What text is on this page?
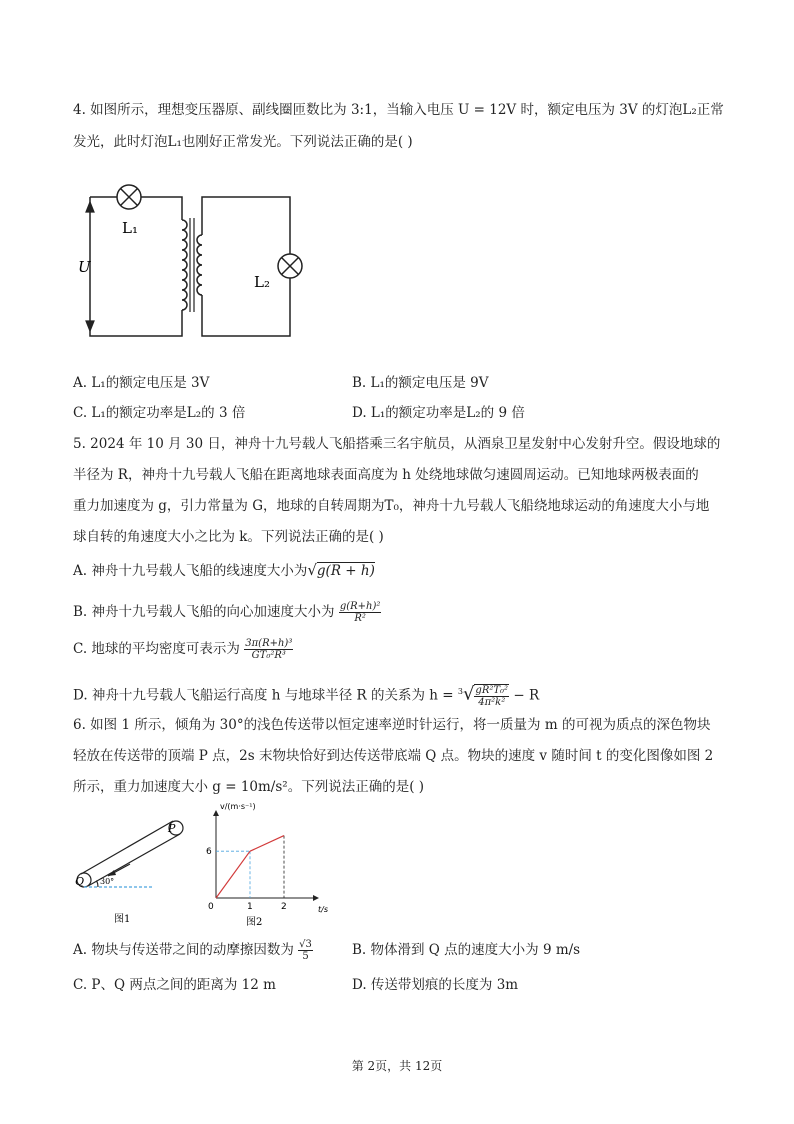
4. 如图所示，理想变压器原、副线圈匝数比为 3:1，当输入电压 U = 12V 时，额定电压为 3V 的灯泡L₂正常
发光，此时灯泡L₁也刚好正常发光。下列说法正确的是( )
U
L₁
L₂
A. L₁的额定电压是 3V	B. L₁的额定电压是 9V
C. L₁的额定功率是L₂的 3 倍	D. L₁的额定功率是L₂的 9 倍
5. 2024 年 10 月 30 日，神舟十九号载人飞船搭乘三名宇航员，从酒泉卫星发射中心发射升空。假设地球的
半径为 R，神舟十九号载人飞船在距离地球表面高度为 h 处绕地球做匀速圆周运动。已知地球两极表面的
重力加速度为 g，引力常量为 G，地球的自转周期为T₀，神舟十九号载人飞船绕地球运动的角速度大小与地
球自转的角速度大小之比为 k。下列说法正确的是( )
A. 神舟十九号载人飞船的线速度大小为√g(R + h)
B. 神舟十九号载人飞船的向心加速度大小为 $\frac{\text{g(R+h)²}}{\text{R²}}$
C. 地球的平均密度可表示为 $\frac{\text{3π(R+h)³}}{\text{GT₀²R³}}$
D. 神舟十九号载人飞船运行高度 h 与地球半径 R 的关系为 $h = ^3√ \frac{\text{gR²T₀²}}{\text{4π²k²}} - R$
6. 如图 1 所示，倾角为 30°的浅色传送带以恒定速率逆时针运行，将一质量为 m 的可视为质点的深色物块
轻放在传送带的顶端 P 点，2s 末物块恰好到达传送带底端 Q 点。物块的速度 v 随时间 t 的变化图像如图 2
所示，重力加速度大小 g = 10m/s²。下列说法正确的是( )
P
Q 30°
图1
6
1	2
v/(m·s⁻¹)
t/s
0
图2
A. 物块与传送带之间的动摩擦因数为 $\frac{√3}{5}$	B. 物体滑到 Q 点的速度大小为 9 m/s
C. P、Q 两点之间的距离为 12 m	D. 传送带划痕的长度为 3m
第 2页，共 12页
